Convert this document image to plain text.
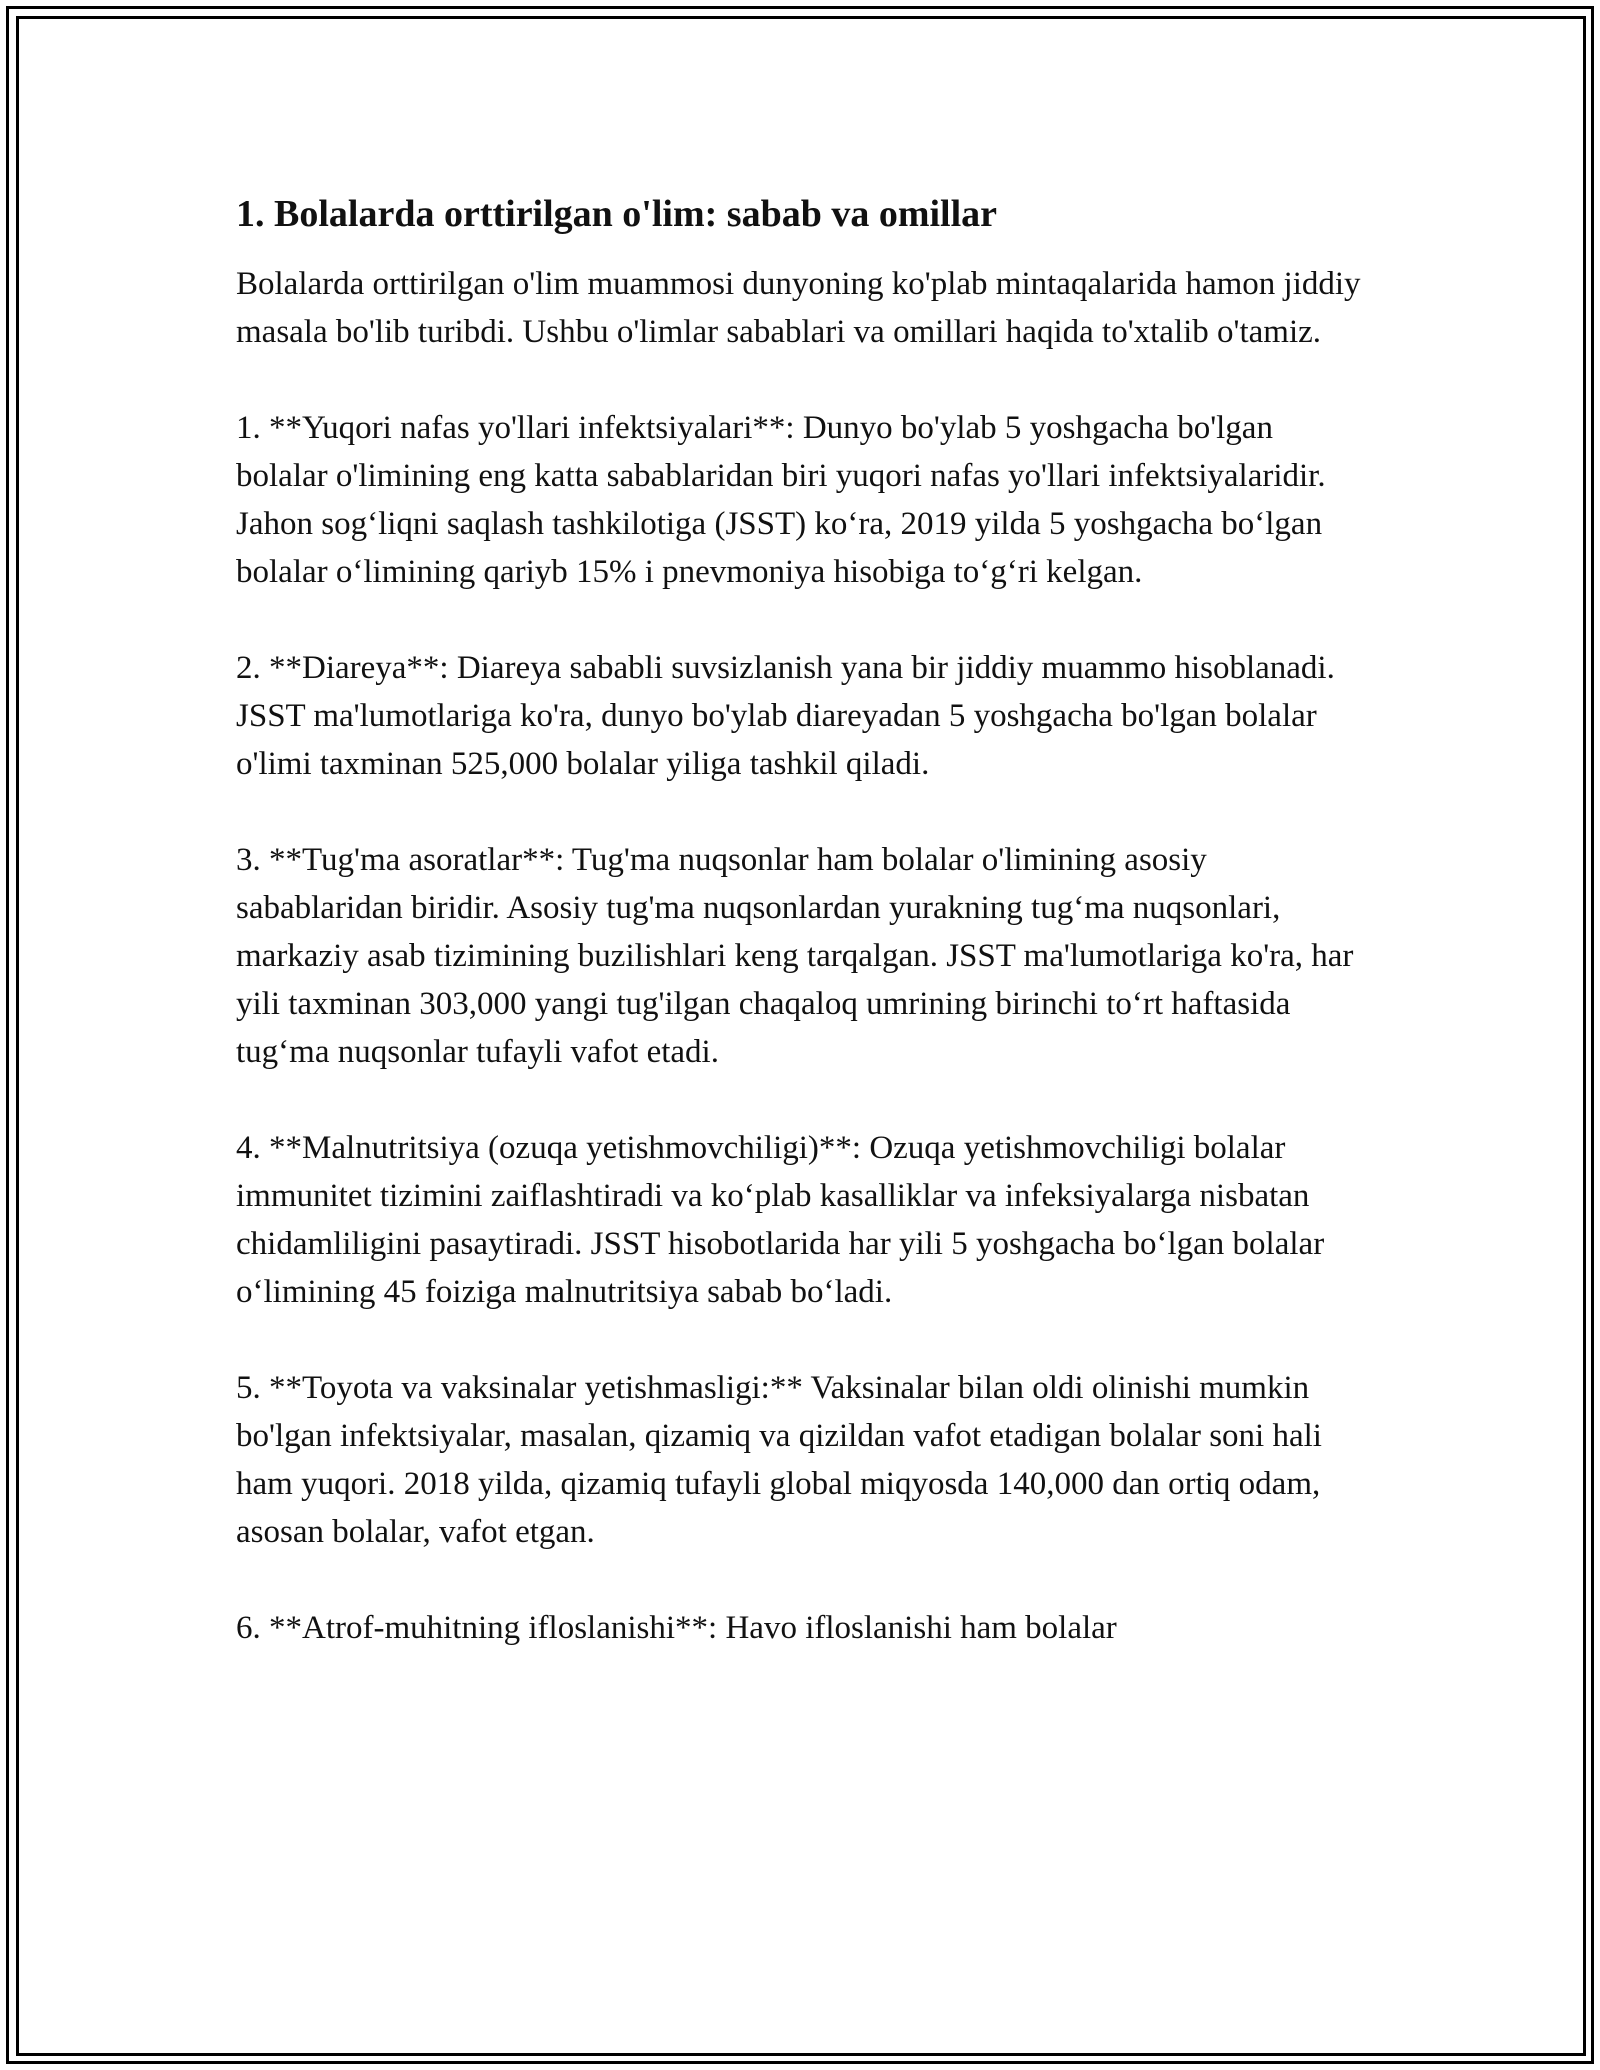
1. Bolalarda orttirilgan o'lim: sabab va omillar

Bolalarda orttirilgan o'lim muammosi dunyoning ko'plab mintaqalarida hamon jiddiy masala bo'lib turibdi. Ushbu o'limlar sabablari va omillari haqida to'xtalib o'tamiz.

1. **Yuqori nafas yo'llari infektsiyalari**: Dunyo bo'ylab 5 yoshgacha bo'lgan bolalar o'limining eng katta sabablaridan biri yuqori nafas yo'llari infektsiyalaridir. Jahon sog‘liqni saqlash tashkilotiga (JSST) ko‘ra, 2019 yilda 5 yoshgacha bo‘lgan bolalar o‘limining qariyb 15% i pnevmoniya hisobiga to‘g‘ri kelgan.

2. **Diareya**: Diareya sababli suvsizlanish yana bir jiddiy muammo hisoblanadi. JSST ma'lumotlariga ko'ra, dunyo bo'ylab diareyadan 5 yoshgacha bo'lgan bolalar o'limi taxminan 525,000 bolalar yiliga tashkil qiladi.

3. **Tug'ma asoratlar**: Tug'ma nuqsonlar ham bolalar o'limining asosiy sabablaridan biridir. Asosiy tug'ma nuqsonlardan yurakning tug‘ma nuqsonlari, markaziy asab tizimining buzilishlari keng tarqalgan. JSST ma'lumotlariga ko'ra, har yili taxminan 303,000 yangi tug'ilgan chaqaloq umrining birinchi to‘rt haftasida tug‘ma nuqsonlar tufayli vafot etadi.

4. **Malnutritsiya (ozuqa yetishmovchiligi)**: Ozuqa yetishmovchiligi bolalar immunitet tizimini zaiflashtiradi va ko‘plab kasalliklar va infeksiyalarga nisbatan chidamliligini pasaytiradi. JSST hisobotlarida har yili 5 yoshgacha bo‘lgan bolalar o‘limining 45 foiziga malnutritsiya sabab bo‘ladi.

5. **Toyota va vaksinalar yetishmasligi:** Vaksinalar bilan oldi olinishi mumkin bo'lgan infektsiyalar, masalan, qizamiq va qizildan vafot etadigan bolalar soni hali ham yuqori. 2018 yilda, qizamiq tufayli global miqyosda 140,000 dan ortiq odam, asosan bolalar, vafot etgan.

6. **Atrof-muhitning ifloslanishi**: Havo ifloslanishi ham bolalar
